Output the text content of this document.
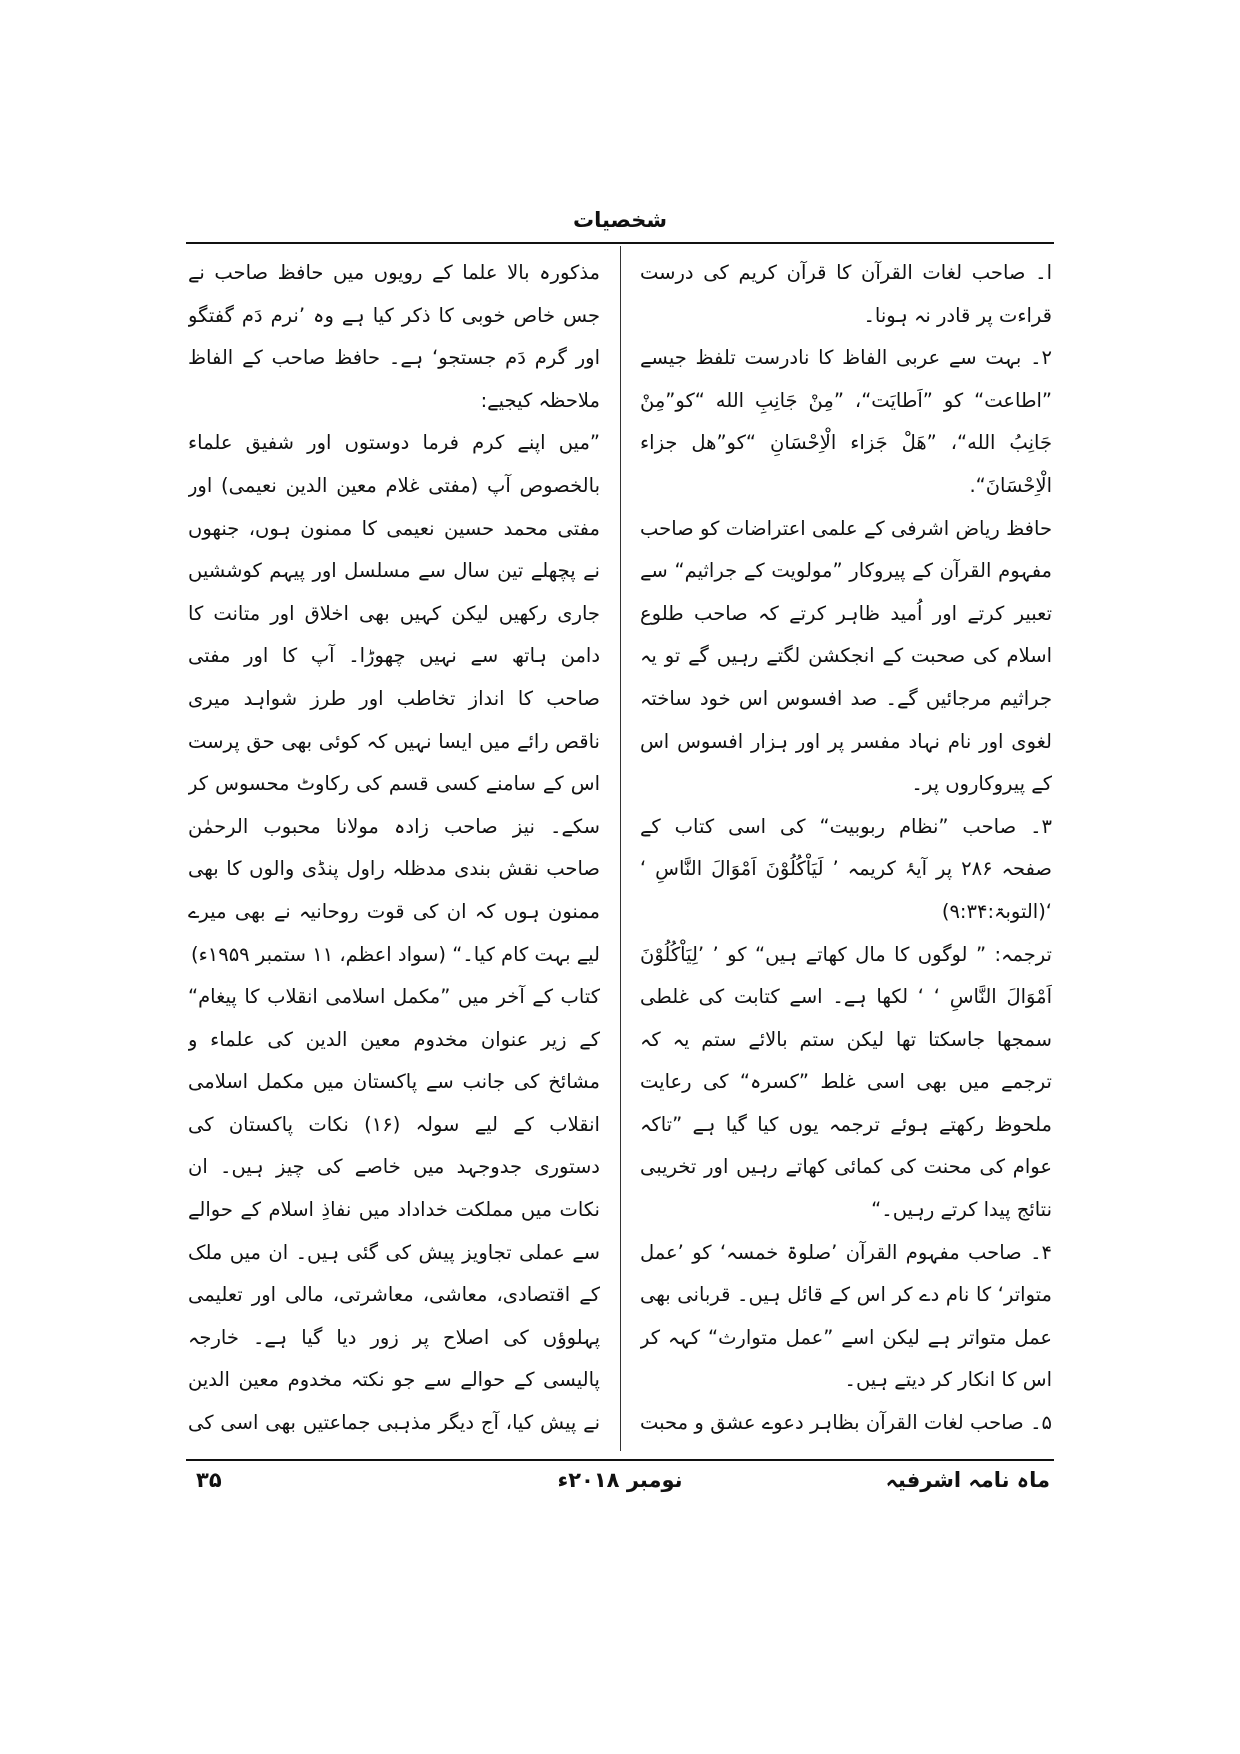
شخصیات

ا۔ صاحب لغات القرآن کا قرآن کریم کی درست قراءت پر قادر نہ ہونا۔

۲۔ بہت سے عربی الفاظ کا نادرست تلفظ جیسے ”اطاعت“ کو ”اَطایَت“، ”مِنْ جَانِبِ الله “کو”مِنْ جَانِبُ الله“، ”هَلْ جَزاء الْاِحْسَانِ “کو”هل جزاء الْاِحْسَانَ“.

حافظ ریاض اشرفی کے علمی اعتراضات کو صاحب مفہوم القرآن کے پیروکار ”مولویت کے جراثیم“ سے تعبیر کرتے اور اُمید ظاہر کرتے کہ صاحب طلوع اسلام کی صحبت کے انجکشن لگتے رہیں گے تو یہ جراثیم مرجائیں گے۔ صد افسوس اس خود ساختہ لغوی اور نام نہاد مفسر پر اور ہزار افسوس اس کے پیروکاروں پر۔

۳۔ صاحب ”نظام ربوبیت“ کی اسی کتاب کے صفحہ ۲۸۶ پر آیۂ کریمہ ’ لَیَاْکُلُوْنَ اَمْوَالَ النَّاسِ ‘ ‘(التوبۃ:۹:۳۴)

ترجمہ: ” لوگوں کا مال کھاتے ہیں“ کو ’ ’لِیَاْکُلُوْنَ اَمْوَالَ النَّاسِ ‘ ‘ لکھا ہے۔ اسے کتابت کی غلطی سمجھا جاسکتا تھا لیکن ستم بالائے ستم یہ کہ ترجمے میں بھی اسی غلط ”کسرہ“ کی رعایت ملحوظ رکھتے ہوئے ترجمہ یوں کیا گیا ہے ”تاکہ عوام کی محنت کی کمائی کھاتے رہیں اور تخریبی نتائج پیدا کرتے رہیں۔“

۴۔ صاحب مفہوم القرآن ’صلوۃ خمسہ‘ کو ’عمل متواتر‘ کا نام دے کر اس کے قائل ہیں۔ قربانی بھی عمل متواتر ہے لیکن اسے ”عمل متوارث“ کہہ کر اس کا انکار کر دیتے ہیں۔

۵۔ صاحب لغات القرآن بظاہر دعوے عشق و محبت

مذکورہ بالا علما کے رویوں میں حافظ صاحب نے جس خاص خوبی کا ذکر کیا ہے وہ ’نرم دَم گفتگو اور گرم دَم جستجو‘ ہے۔ حافظ صاحب کے الفاظ ملاحظہ کیجیے:

”میں اپنے کرم فرما دوستوں اور شفیق علماء بالخصوص آپ (مفتی غلام معین الدین نعیمی) اور مفتی محمد حسین نعیمی کا ممنون ہوں، جنھوں نے پچھلے تین سال سے مسلسل اور پیہم کوششیں جاری رکھیں لیکن کہیں بھی اخلاق اور متانت کا دامن ہاتھ سے نہیں چھوڑا۔ آپ کا اور مفتی صاحب کا انداز تخاطب اور طرز شواہد میری ناقص رائے میں ایسا نہیں کہ کوئی بھی حق پرست اس کے سامنے کسی قسم کی رکاوٹ محسوس کر سکے۔ نیز صاحب زادہ مولانا محبوب الرحمٰن صاحب نقش بندی مدظلہ راول پنڈی والوں کا بھی ممنون ہوں کہ ان کی قوت روحانیہ نے بھی میرے لیے بہت کام کیا۔“ (سواد اعظم، ۱۱ ستمبر ۱۹۵۹ء)

کتاب کے آخر میں ”مکمل اسلامی انقلاب کا پیغام“ کے زیر عنوان مخدوم معین الدین کی علماء و مشائخ کی جانب سے پاکستان میں مکمل اسلامی انقلاب کے لیے سولہ (۱۶) نکات پاکستان کی دستوری جدوجہد میں خاصے کی چیز ہیں۔ ان نکات میں مملکت خداداد میں نفاذِ اسلام کے حوالے سے عملی تجاویز پیش کی گئی ہیں۔ ان میں ملک کے اقتصادی، معاشی، معاشرتی، مالی اور تعلیمی پہلوؤں کی اصلاح پر زور دیا گیا ہے۔ خارجہ پالیسی کے حوالے سے جو نکتہ مخدوم معین الدین نے پیش کیا، آج دیگر مذہبی جماعتیں بھی اسی کی

ماہ نامہ اشرفیہ
نومبر ۲۰۱۸ء
۳۵
